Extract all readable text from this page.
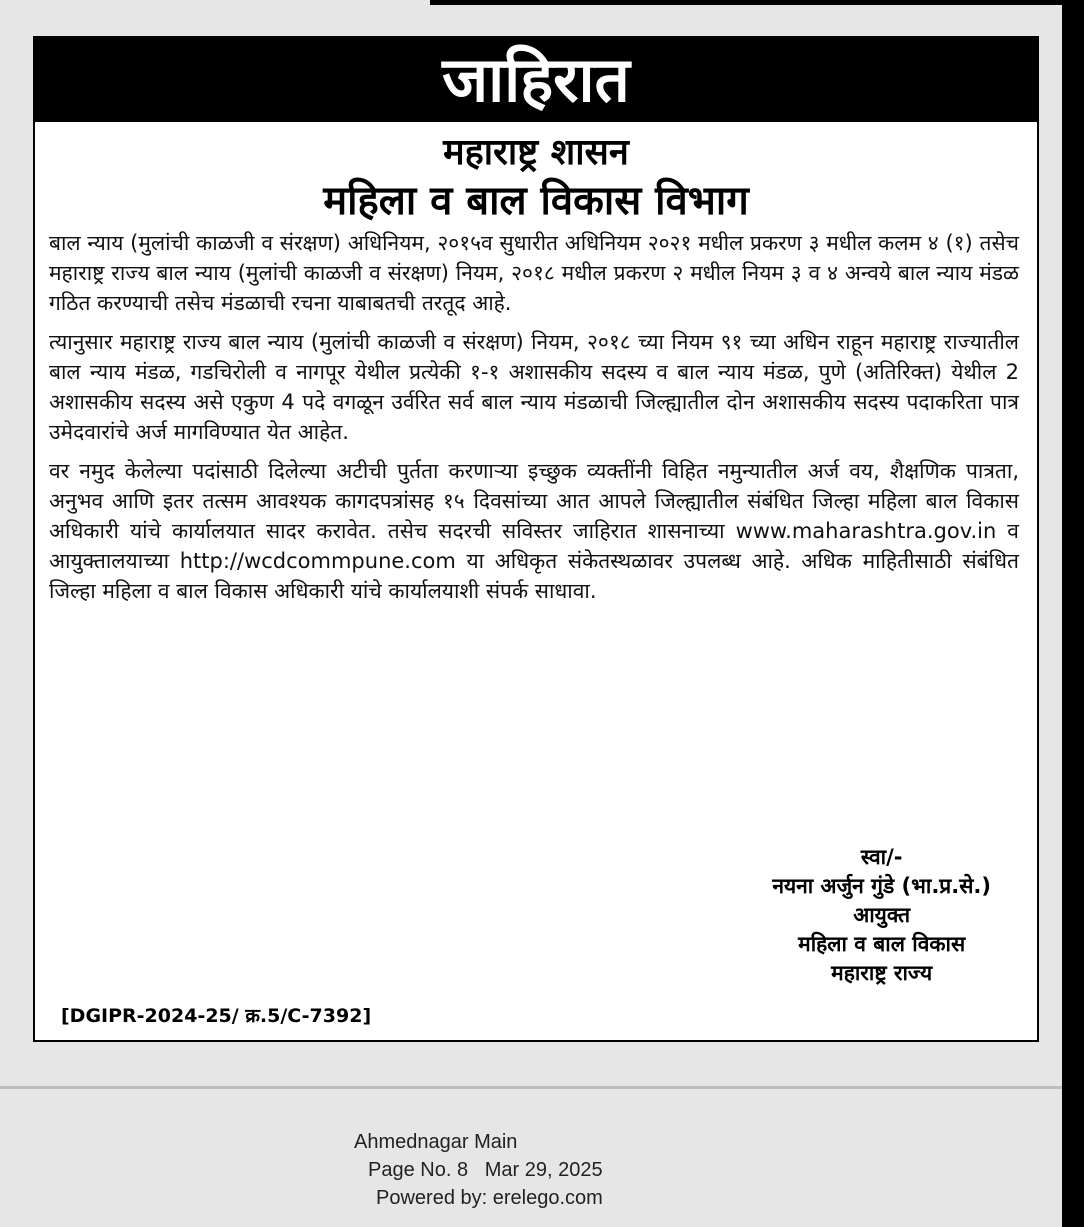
जाहिरात
महाराष्ट्र शासन
महिला व बाल विकास विभाग

बाल न्याय (मुलांची काळजी व संरक्षण) अधिनियम, २०१५व सुधारीत अधिनियम २०२१ मधील प्रकरण ३ मधील कलम ४ (१) तसेच महाराष्ट्र राज्य बाल न्याय (मुलांची काळजी व संरक्षण) नियम, २०१८ मधील प्रकरण २ मधील नियम ३ व ४ अन्वये बाल न्याय मंडळ गठित करण्याची तसेच मंडळाची रचना याबाबतची तरतूद आहे.

त्यानुसार महाराष्ट्र राज्य बाल न्याय (मुलांची काळजी व संरक्षण) नियम, २०१८ च्या नियम ९१ च्या अधिन राहून महाराष्ट्र राज्यातील बाल न्याय मंडळ, गडचिरोली व नागपूर येथील प्रत्येकी १-१ अशासकीय सदस्य व बाल न्याय मंडळ, पुणे (अतिरिक्त) येथील 2 अशासकीय सदस्य असे एकुण 4 पदे वगळून उर्वरित सर्व बाल न्याय मंडळाची जिल्ह्यातील दोन अशासकीय सदस्य पदाकरिता पात्र उमेदवारांचे अर्ज मागविण्यात येत आहेत.

वर नमुद केलेल्या पदांसाठी दिलेल्या अटीची पुर्तता करणाऱ्या इच्छुक व्यक्तींनी विहित नमुन्यातील अर्ज वय, शैक्षणिक पात्रता, अनुभव आणि इतर तत्सम आवश्यक कागदपत्रांसह १५ दिवसांच्या आत आपले जिल्ह्यातील संबंधित जिल्हा महिला बाल विकास अधिकारी यांचे कार्यालयात सादर करावेत. तसेच सदरची सविस्तर जाहिरात शासनाच्या www.maharashtra.gov.in व आयुक्तालयाच्या http://wcdcommpune.com या अधिकृत संकेतस्थळावर उपलब्ध आहे. अधिक माहितीसाठी संबंधित जिल्हा महिला व बाल विकास अधिकारी यांचे कार्यालयाशी संपर्क साधावा.

स्वा/-
नयना अर्जुन गुंडे (भा.प्र.से.)
आयुक्त
महिला व बाल विकास
महाराष्ट्र राज्य
[DGIPR-2024-25/ क्र.5/C-7392]
Ahmednagar Main
Page No. 8   Mar 29, 2025
Powered by: erelego.com
